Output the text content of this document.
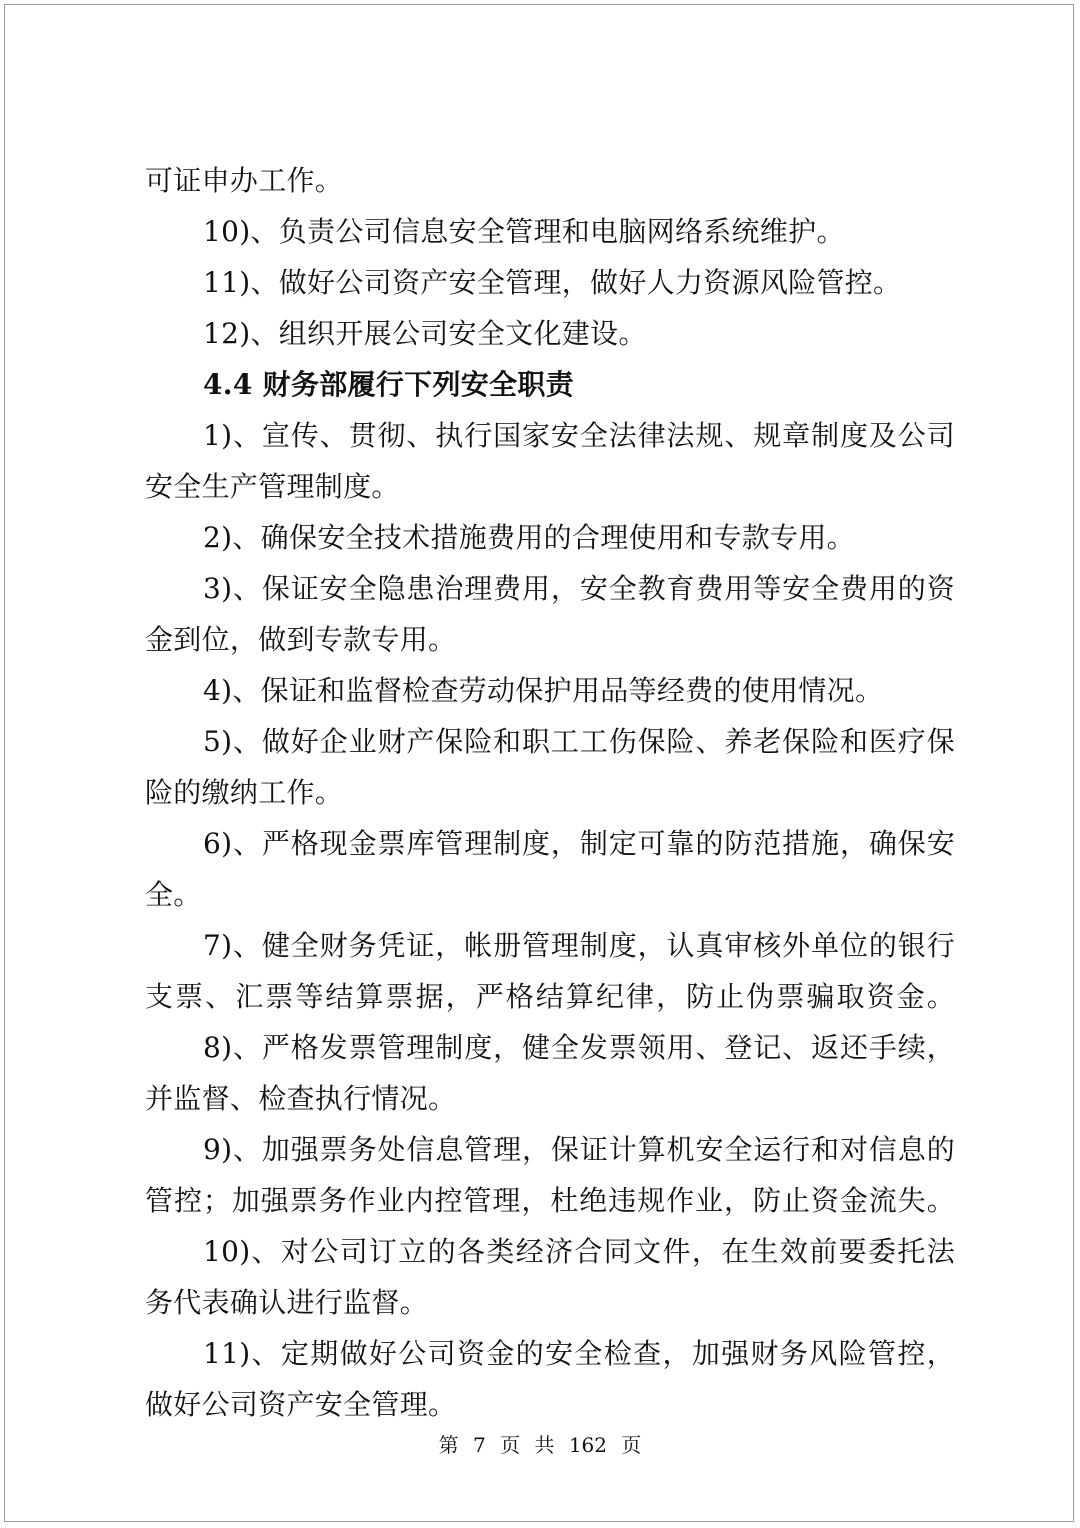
可证申办工作。
10)、负责公司信息安全管理和电脑网络系统维护。
11)、做好公司资产安全管理，做好人力资源风险管控。
12)、组织开展公司安全文化建设。
4.4 财务部履行下列安全职责
1)、宣传、贯彻、执行国家安全法律法规、规章制度及公司
安全生产管理制度。
2)、确保安全技术措施费用的合理使用和专款专用。
3)、保证安全隐患治理费用，安全教育费用等安全费用的资
金到位，做到专款专用。
4)、保证和监督检查劳动保护用品等经费的使用情况。
5)、做好企业财产保险和职工工伤保险、养老保险和医疗保
险的缴纳工作。
6)、严格现金票库管理制度，制定可靠的防范措施，确保安
全。
7)、健全财务凭证，帐册管理制度，认真审核外单位的银行
支票、汇票等结算票据，严格结算纪律，防止伪票骗取资金。
8)、严格发票管理制度，健全发票领用、登记、返还手续，
并监督、检查执行情况。
9)、加强票务处信息管理，保证计算机安全运行和对信息的
管控；加强票务作业内控管理，杜绝违规作业，防止资金流失。
10)、对公司订立的各类经济合同文件，在生效前要委托法
务代表确认进行监督。
11)、定期做好公司资金的安全检查，加强财务风险管控，
做好公司资产安全管理。
第 7 页 共 162 页
